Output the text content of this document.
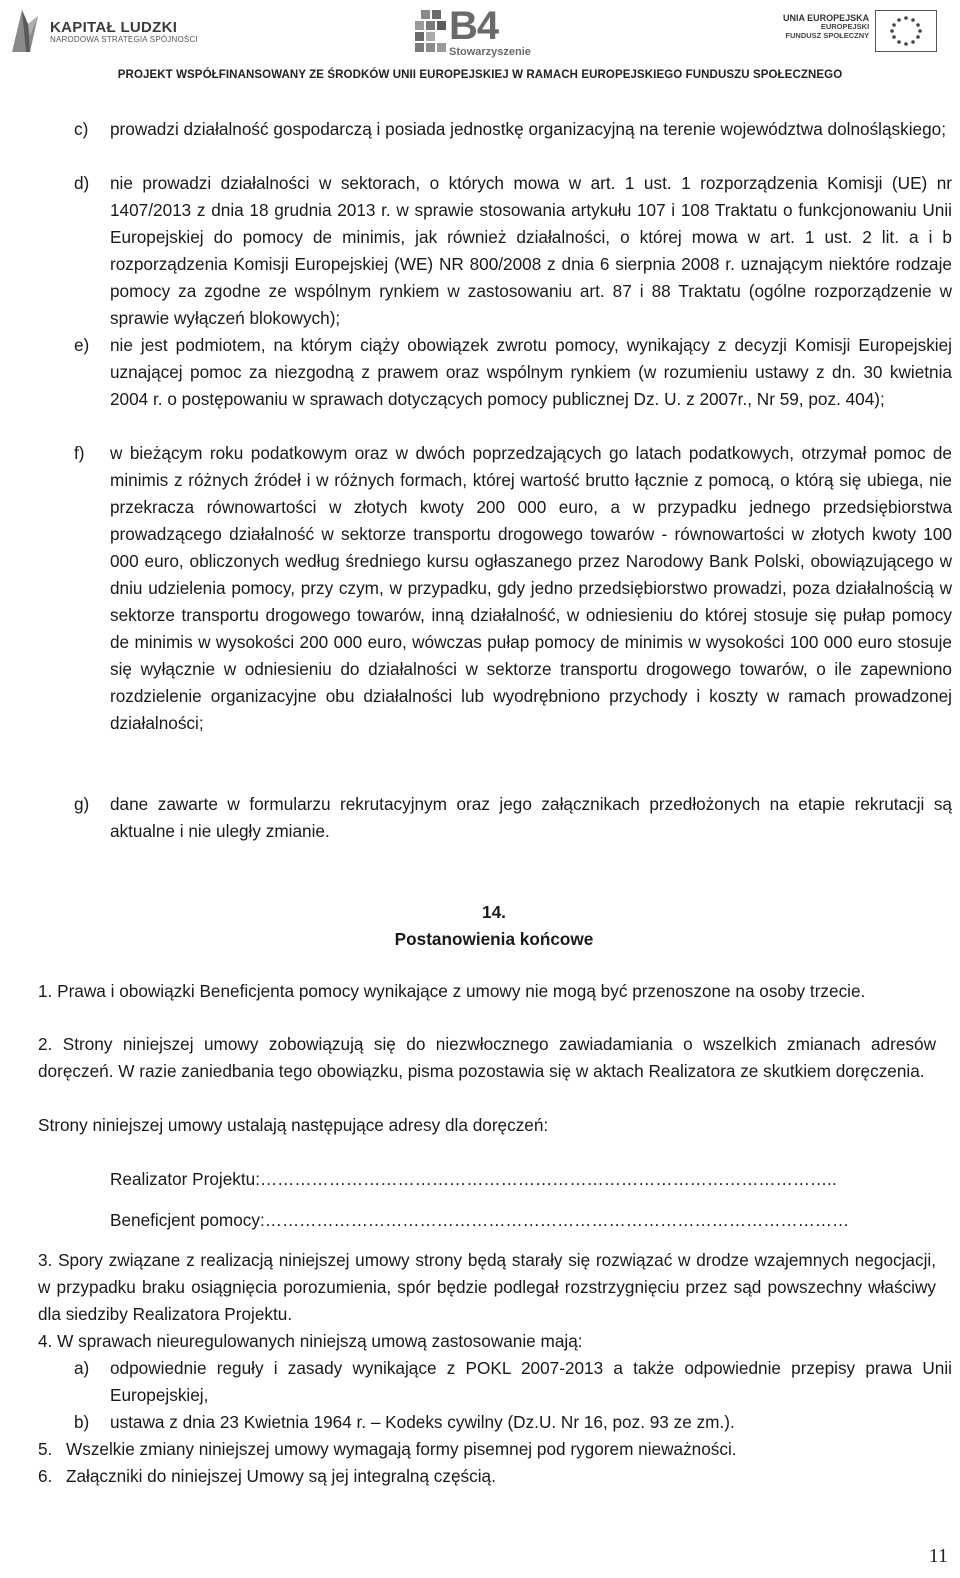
KAPITAŁ LUDZKI
NARODOWA STRATEGIA SPÓJNOŚCI	B4
Stowarzyszenie
UNIA EUROPEJSKA
EUROPEJSKI
FUNDUSZ SPOŁECZNY
PROJEKT WSPÓŁFINANSOWANY ZE ŚRODKÓW UNII EUROPEJSKIEJ W RAMACH EUROPEJSKIEGO FUNDUSZU SPOŁECZNEGO
c)	prowadzi działalność gospodarczą i posiada jednostkę organizacyjną na terenie województwa dolnośląskiego;
d)	nie prowadzi działalności w sektorach, o których mowa w art. 1 ust. 1 rozporządzenia Komisji (UE) nr 1407/2013 z dnia 18 grudnia 2013 r. w sprawie stosowania artykułu 107 i 108 Traktatu o funkcjonowaniu Unii Europejskiej do pomocy de minimis, jak również działalności, o której mowa w art. 1 ust. 2 lit. a i b rozporządzenia Komisji Europejskiej (WE) NR 800/2008 z dnia 6 sierpnia 2008 r. uznającym niektóre rodzaje pomocy za zgodne ze wspólnym rynkiem w zastosowaniu art. 87 i 88 Traktatu (ogólne rozporządzenie w sprawie wyłączeń blokowych);
e)	nie jest podmiotem, na którym ciąży obowiązek zwrotu pomocy, wynikający z decyzji Komisji Europejskiej uznającej pomoc za niezgodną z prawem oraz wspólnym rynkiem (w rozumieniu ustawy z dn. 30 kwietnia 2004 r. o postępowaniu w sprawach dotyczących pomocy publicznej Dz. U. z 2007r., Nr 59, poz. 404);
f)	w bieżącym roku podatkowym oraz w dwóch poprzedzających go latach podatkowych, otrzymał pomoc de minimis z różnych źródeł i w różnych formach, której wartość brutto łącznie z pomocą, o którą się ubiega, nie przekracza równowartości w złotych kwoty 200 000 euro, a w przypadku jednego przedsiębiorstwa prowadzącego działalność w sektorze transportu drogowego towarów - równowartości w złotych kwoty 100 000 euro, obliczonych według średniego kursu ogłaszanego przez Narodowy Bank Polski, obowiązującego w dniu udzielenia pomocy, przy czym, w przypadku, gdy jedno przedsiębiorstwo prowadzi, poza działalnością w sektorze transportu drogowego towarów, inną działalność, w odniesieniu do której stosuje się pułap pomocy de minimis w wysokości 200 000 euro, wówczas pułap pomocy de minimis w wysokości 100 000 euro stosuje się wyłącznie w odniesieniu do działalności w sektorze transportu drogowego towarów, o ile zapewniono rozdzielenie organizacyjne obu działalności lub wyodrębniono przychody i koszty w ramach prowadzonej działalności;
g)	dane zawarte w formularzu rekrutacyjnym oraz jego załącznikach przedłożonych na etapie rekrutacji są aktualne i nie uległy zmianie.
14.
Postanowienia końcowe
1. Prawa i obowiązki Beneficjenta pomocy wynikające z umowy nie mogą być przenoszone na osoby trzecie.
2. Strony niniejszej umowy zobowiązują się do niezwłocznego zawiadamiania o wszelkich zmianach adresów doręczeń. W razie zaniedbania tego obowiązku, pisma pozostawia się w aktach Realizatora ze skutkiem doręczenia.
Strony niniejszej umowy ustalają następujące adresy dla doręczeń:
Realizator Projektu:………………………………………………………………………………………..
Beneficjent pomocy:…………………………………………………………………………………………
3. Spory związane z realizacją niniejszej umowy strony będą starały się rozwiązać w drodze wzajemnych negocjacji, w przypadku braku osiągnięcia porozumienia, spór będzie podlegał rozstrzygnięciu przez sąd powszechny właściwy dla siedziby Realizatora Projektu.
4. W sprawach nieuregulowanych niniejszą umową zastosowanie mają:
a)	odpowiednie reguły i zasady wynikające z POKL 2007-2013 a także odpowiednie przepisy prawa Unii Europejskiej,
b)	ustawa z dnia 23 Kwietnia 1964 r. – Kodeks cywilny (Dz.U. Nr 16, poz. 93 ze zm.).
5. Wszelkie zmiany niniejszej umowy wymagają formy pisemnej pod rygorem nieważności.
6. Załączniki do niniejszej Umowy są jej integralną częścią.
11
